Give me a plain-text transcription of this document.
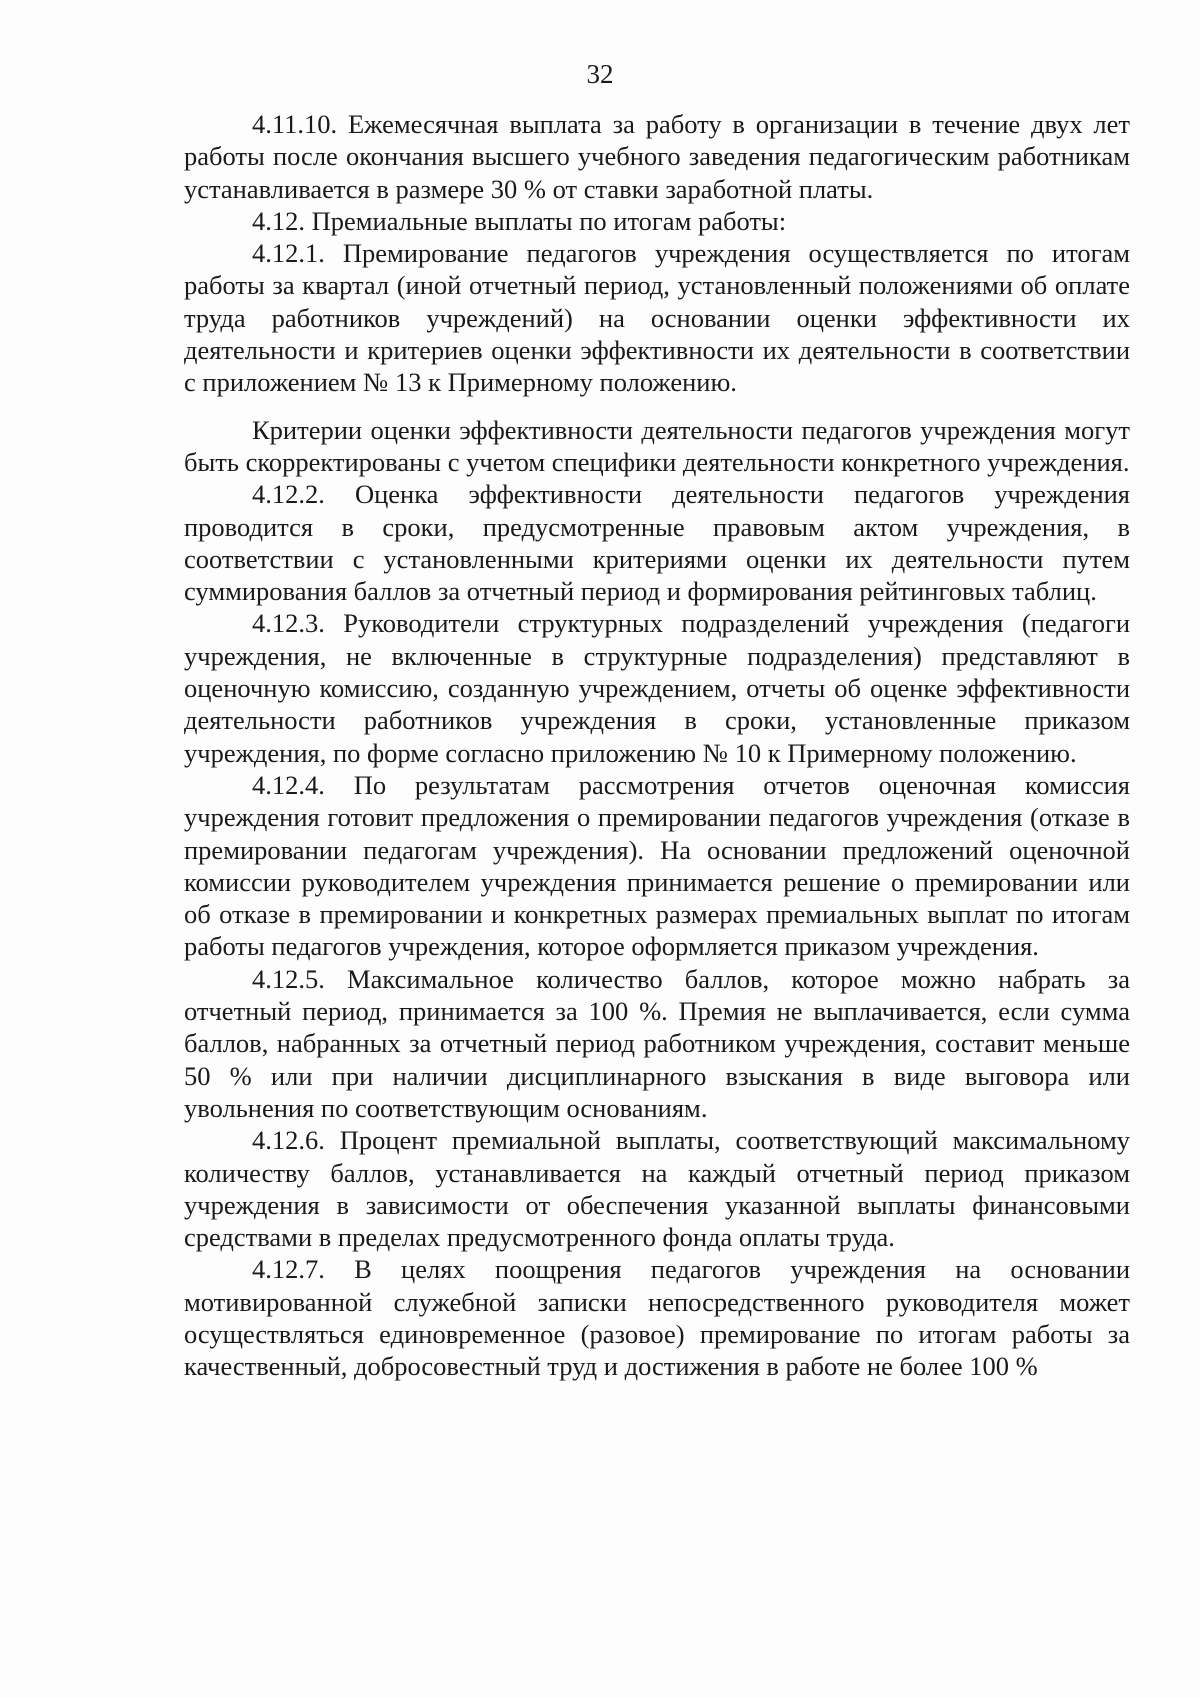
32

4.11.10. Ежемесячная выплата за работу в организации в течение двух лет работы после окончания высшего учебного заведения педагогическим работникам устанавливается в размере 30 % от ставки заработной платы.

4.12. Премиальные выплаты по итогам работы:

4.12.1. Премирование педагогов учреждения осуществляется по итогам работы за квартал (иной отчетный период, установленный положениями об оплате труда работников учреждений) на основании оценки эффективности их деятельности и критериев оценки эффективности их деятельности в соответствии с приложением № 13 к Примерному положению.

Критерии оценки эффективности деятельности педагогов учреждения могут быть скорректированы с учетом специфики деятельности конкретного учреждения.

4.12.2. Оценка эффективности деятельности педагогов учреждения проводится в сроки, предусмотренные правовым актом учреждения, в соответствии с установленными критериями оценки их деятельности путем суммирования баллов за отчетный период и формирования рейтинговых таблиц.

4.12.3. Руководители структурных подразделений учреждения (педагоги учреждения, не включенные в структурные подразделения) представляют в оценочную комиссию, созданную учреждением, отчеты об оценке эффективности деятельности работников учреждения в сроки, установленные приказом учреждения, по форме согласно приложению № 10 к Примерному положению.

4.12.4. По результатам рассмотрения отчетов оценочная комиссия учреждения готовит предложения о премировании педагогов учреждения (отказе в премировании педагогам учреждения). На основании предложений оценочной комиссии руководителем учреждения принимается решение о премировании или об отказе в премировании и конкретных размерах премиальных выплат по итогам работы педагогов учреждения, которое оформляется приказом учреждения.

4.12.5. Максимальное количество баллов, которое можно набрать за отчетный период, принимается за 100 %. Премия не выплачивается, если сумма баллов, набранных за отчетный период работником учреждения, составит меньше 50 % или при наличии дисциплинарного взыскания в виде выговора или увольнения по соответствующим основаниям.

4.12.6. Процент премиальной выплаты, соответствующий максимальному количеству баллов, устанавливается на каждый отчетный период приказом учреждения в зависимости от обеспечения указанной выплаты финансовыми средствами в пределах предусмотренного фонда оплаты труда.

4.12.7. В целях поощрения педагогов учреждения на основании мотивированной служебной записки непосредственного руководителя может осуществляться единовременное (разовое) премирование по итогам работы за качественный, добросовестный труд и достижения в работе не более 100 %
